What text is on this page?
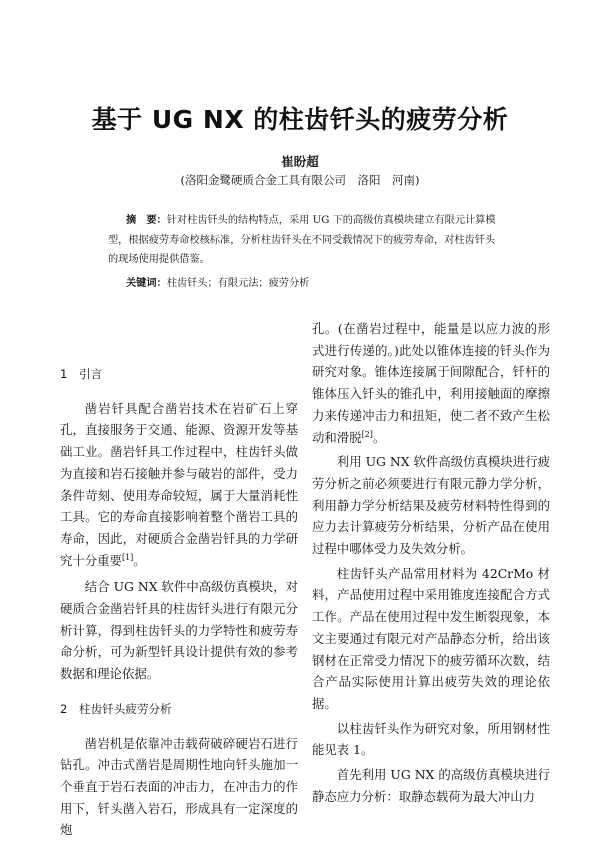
基于 UG NX 的柱齿钎头的疲劳分析
崔盼超
(洛阳金鹭硬质合金工具有限公司　洛阳　河南)
摘　要：针对柱齿钎头的结构特点，采用 UG 下的高级仿真模块建立有限元计算模型，根据疲劳寿命校核标准，分析柱齿钎头在不同受载情况下的疲劳寿命，对柱齿钎头的现场使用提供借鉴。
关键词：柱齿钎头；有限元法；疲劳分析
1　引言

凿岩钎具配合凿岩技术在岩矿石上穿孔，直接服务于交通、能源、资源开发等基础工业。凿岩钎具工作过程中，柱齿钎头做为直接和岩石接触并参与破岩的部件，受力条件苛刻、使用寿命较短，属于大量消耗性工具。它的寿命直接影响着整个凿岩工具的寿命，因此，对硬质合金凿岩钎具的力学研究十分重要[1]。

结合 UG NX 软件中高级仿真模块，对硬质合金凿岩钎具的柱齿钎头进行有限元分析计算，得到柱齿钎头的力学特性和疲劳寿命分析，可为新型钎具设计提供有效的参考数据和理论依据。

2　柱齿钎头疲劳分析

凿岩机是依靠冲击载荷破碎硬岩石进行钻孔。冲击式凿岩是周期性地向钎头施加一个垂直于岩石表面的冲击力，在冲击力的作用下，钎头凿入岩石，形成具有一定深度的炮

孔。(在凿岩过程中，能量是以应力波的形式进行传递的。)此处以锥体连接的钎头作为研究对象。锥体连接属于间隙配合，钎杆的锥体压入钎头的锥孔中，利用接触面的摩擦力来传递冲击力和扭矩，使二者不致产生松动和滑脱[2]。

利用 UG NX 软件高级仿真模块进行疲劳分析之前必须要进行有限元静力学分析，利用静力学分析结果及疲劳材料特性得到的应力去计算疲劳分析结果，分析产品在使用过程中哪体受力及失效分析。

柱齿钎头产品常用材料为 42CrMo 材料，产品使用过程中采用锥度连接配合方式工作。产品在使用过程中发生断裂现象，本文主要通过有限元对产品静态分析，给出该钢材在正常受力情况下的疲劳循环次数，结合产品实际使用计算出疲劳失效的理论依据。

以柱齿钎头作为研究对象，所用钢材性能见表 1。

首先利用 UG NX 的高级仿真模块进行静态应力分析：取静态载荷为最大冲山力
